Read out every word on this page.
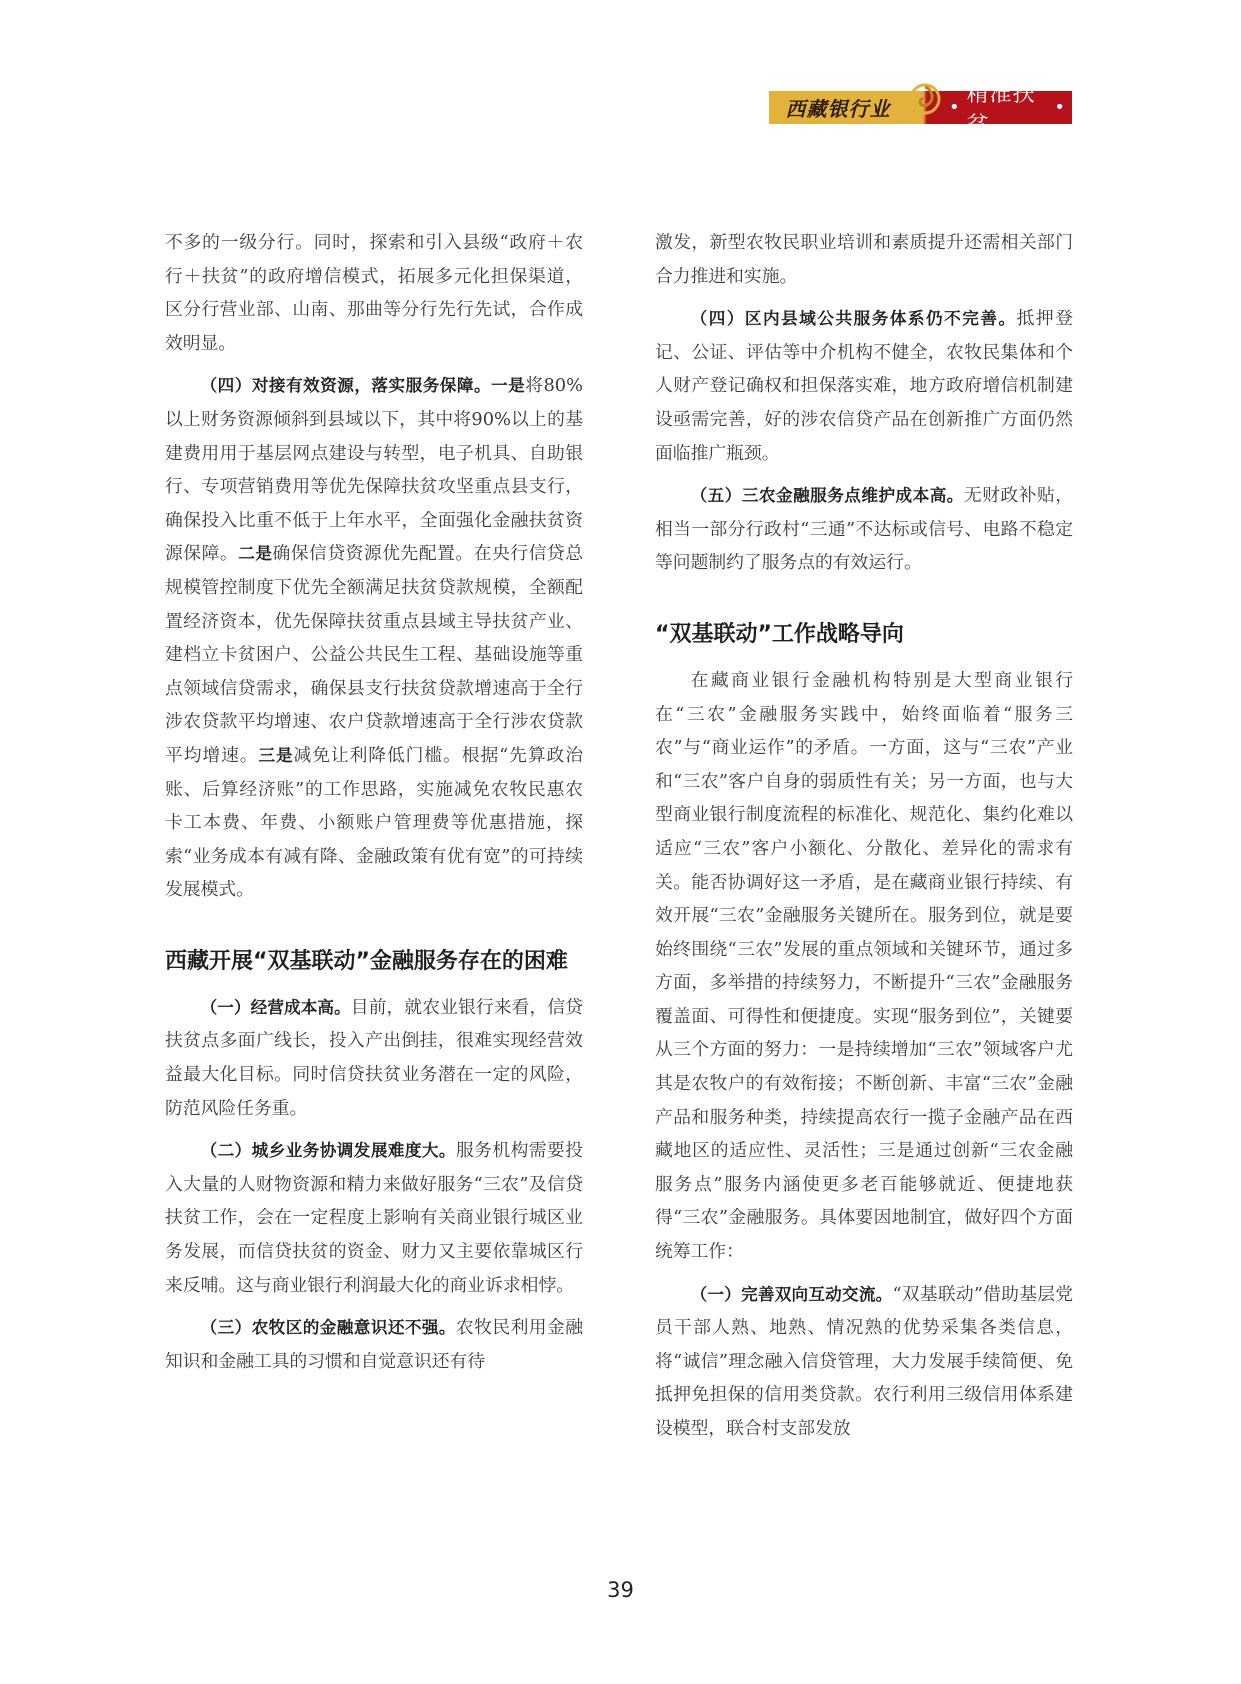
西藏银行业	•
精准扶贫
•

不多的一级分行。同时，探索和引入县级“政府＋农行＋扶贫”的政府增信模式，拓展多元化担保渠道，区分行营业部、山南、那曲等分行先行先试，合作成效明显。

（四）对接有效资源，落实服务保障。一是将80%以上财务资源倾斜到县域以下，其中将90%以上的基建费用用于基层网点建设与转型，电子机具、自助银行、专项营销费用等优先保障扶贫攻坚重点县支行，确保投入比重不低于上年水平，全面强化金融扶贫资源保障。二是确保信贷资源优先配置。在央行信贷总规模管控制度下优先全额满足扶贫贷款规模，全额配置经济资本，优先保障扶贫重点县域主导扶贫产业、建档立卡贫困户、公益公共民生工程、基础设施等重点领域信贷需求，确保县支行扶贫贷款增速高于全行涉农贷款平均增速、农户贷款增速高于全行涉农贷款平均增速。三是减免让利降低门槛。根据“先算政治账、后算经济账”的工作思路，实施减免农牧民惠农卡工本费、年费、小额账户管理费等优惠措施，探索“业务成本有减有降、金融政策有优有宽”的可持续发展模式。

西藏开展“双基联动”金融服务存在的困难

（一）经营成本高。目前，就农业银行来看，信贷扶贫点多面广线长，投入产出倒挂，很难实现经营效益最大化目标。同时信贷扶贫业务潜在一定的风险，防范风险任务重。

（二）城乡业务协调发展难度大。服务机构需要投入大量的人财物资源和精力来做好服务“三农”及信贷扶贫工作，会在一定程度上影响有关商业银行城区业务发展，而信贷扶贫的资金、财力又主要依靠城区行来反哺。这与商业银行利润最大化的商业诉求相悖。

（三）农牧区的金融意识还不强。农牧民利用金融知识和金融工具的习惯和自觉意识还有待

激发，新型农牧民职业培训和素质提升还需相关部门合力推进和实施。

（四）区内县域公共服务体系仍不完善。抵押登记、公证、评估等中介机构不健全，农牧民集体和个人财产登记确权和担保落实难，地方政府增信机制建设亟需完善，好的涉农信贷产品在创新推广方面仍然面临推广瓶颈。

（五）三农金融服务点维护成本高。无财政补贴，相当一部分行政村“三通”不达标或信号、电路不稳定等问题制约了服务点的有效运行。

“双基联动”工作战略导向

在藏商业银行金融机构特别是大型商业银行在“三农”金融服务实践中，始终面临着“服务三农”与“商业运作”的矛盾。一方面，这与“三农”产业和“三农”客户自身的弱质性有关；另一方面，也与大型商业银行制度流程的标准化、规范化、集约化难以适应“三农”客户小额化、分散化、差异化的需求有关。能否协调好这一矛盾，是在藏商业银行持续、有效开展“三农”金融服务关键所在。服务到位，就是要始终围绕“三农”发展的重点领域和关键环节，通过多方面，多举措的持续努力，不断提升“三农”金融服务覆盖面、可得性和便捷度。实现“服务到位”，关键要从三个方面的努力：一是持续增加“三农”领域客户尤其是农牧户的有效衔接；不断创新、丰富“三农”金融产品和服务种类，持续提高农行一揽子金融产品在西藏地区的适应性、灵活性；三是通过创新“三农金融服务点”服务内涵使更多老百能够就近、便捷地获得“三农”金融服务。具体要因地制宜，做好四个方面统筹工作：

（一）完善双向互动交流。“双基联动”借助基层党员干部人熟、地熟、情况熟的优势采集各类信息，将“诚信”理念融入信贷管理，大力发展手续简便、免抵押免担保的信用类贷款。农行利用三级信用体系建设模型，联合村支部发放

39
